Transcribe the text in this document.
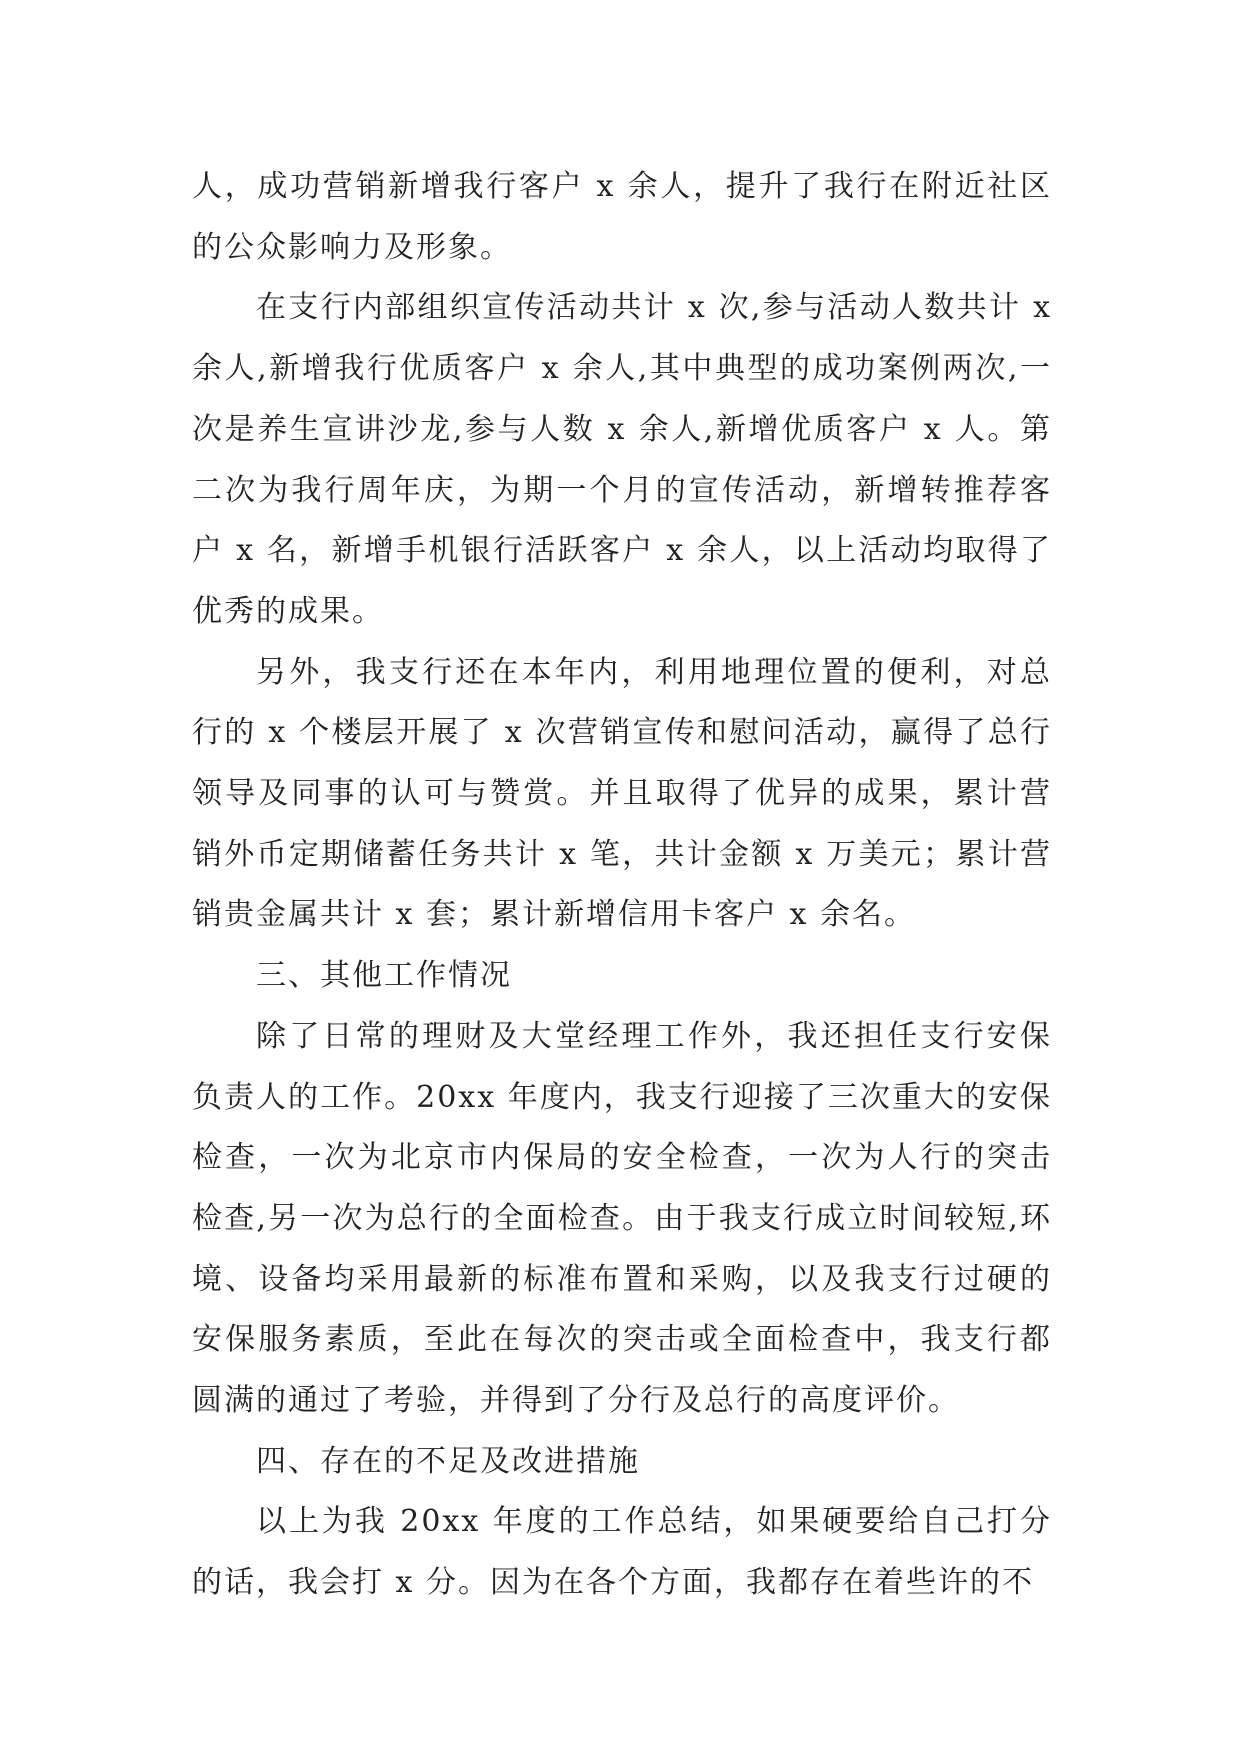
人，成功营销新增我行客户 x 余人，提升了我行在附近社区的公众影响力及形象。

在支行内部组织宣传活动共计 x 次,参与活动人数共计 x 余人,新增我行优质客户 x 余人,其中典型的成功案例两次,一次是养生宣讲沙龙,参与人数 x 余人,新增优质客户 x 人。第二次为我行周年庆，为期一个月的宣传活动，新增转推荐客户 x 名，新增手机银行活跃客户 x 余人，以上活动均取得了优秀的成果。

另外，我支行还在本年内，利用地理位置的便利，对总行的 x 个楼层开展了 x 次营销宣传和慰问活动，赢得了总行领导及同事的认可与赞赏。并且取得了优异的成果，累计营销外币定期储蓄任务共计 x 笔，共计金额 x 万美元；累计营销贵金属共计 x 套；累计新增信用卡客户 x 余名。

三、其他工作情况

除了日常的理财及大堂经理工作外，我还担任支行安保负责人的工作。20xx 年度内，我支行迎接了三次重大的安保检查，一次为北京市内保局的安全检查，一次为人行的突击检查,另一次为总行的全面检查。由于我支行成立时间较短,环境、设备均采用最新的标准布置和采购，以及我支行过硬的安保服务素质，至此在每次的突击或全面检查中，我支行都圆满的通过了考验，并得到了分行及总行的高度评价。

四、存在的不足及改进措施

以上为我 20xx 年度的工作总结，如果硬要给自己打分的话，我会打 x 分。因为在各个方面，我都存在着些许的不
